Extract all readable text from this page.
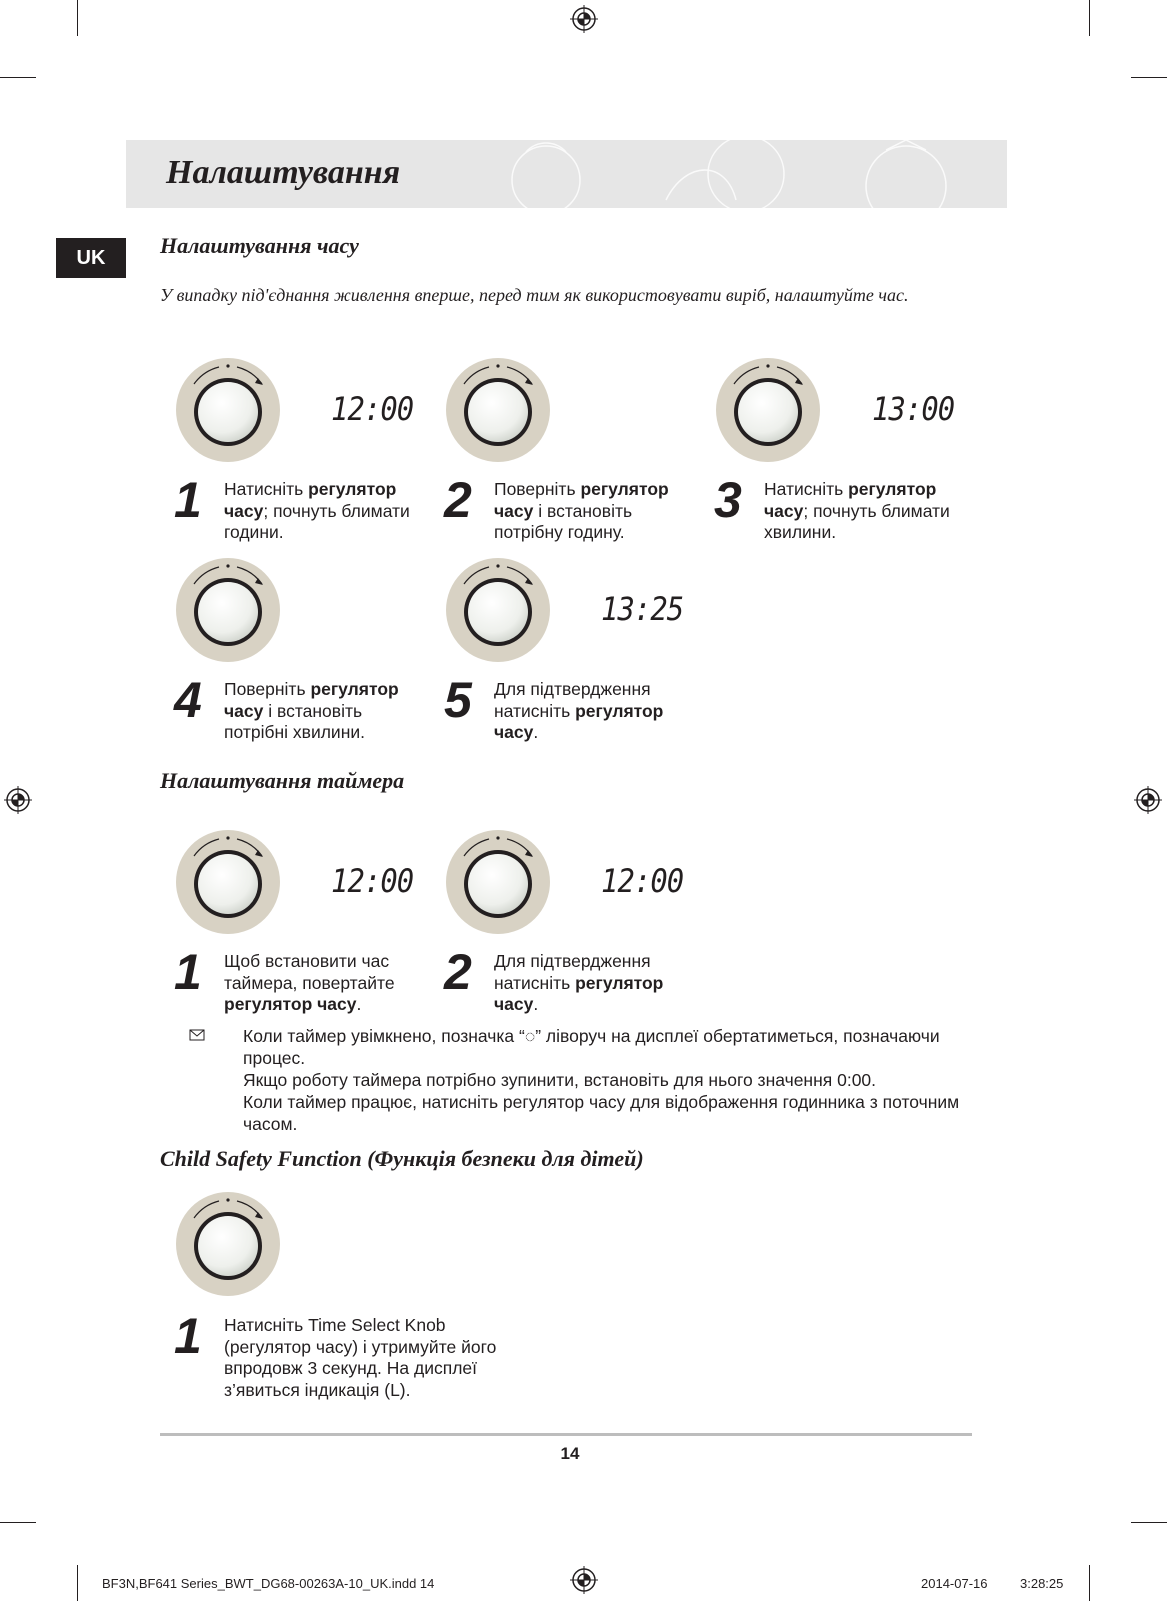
Налаштування
UK	Налаштування часу
У випадку під'єднання живлення вперше, перед тим як використовувати виріб, налаштуйте час.
12:00	13:00
1 Натисніть регулятор часу; почнуть блимати години.
2 Поверніть регулятор часу і встановіть потрібну годину.
3 Натисніть регулятор часу; почнуть блимати хвилини.
13:25
4 Поверніть регулятор часу і встановіть потрібні хвилини.
5 Для підтвердження натисніть регулятор часу.
Налаштування таймера
12:00	12:00
1 Щоб встановити час таймера, повертайте регулятор часу.
2 Для підтвердження натисніть регулятор часу.

Коли таймер увімкнено, позначка “◌” ліворуч на дисплеї обертатиметься, позначаючи процес.

Якщо роботу таймера потрібно зупинити, встановіть для нього значення 0:00.

Коли таймер працює, натисніть регулятор часу для відображення годинника з поточним часом.

Child Safety Function (Функція безпеки для дітей)
1 Натисніть Time Select Knob (регулятор часу) і утримуйте його впродовж 3 секунд. На дисплеї з’явиться індикація (L).
14
BF3N,BF641 Series_BWT_DG68-00263A-10_UK.indd 14	2014-07-16	3:28:25
